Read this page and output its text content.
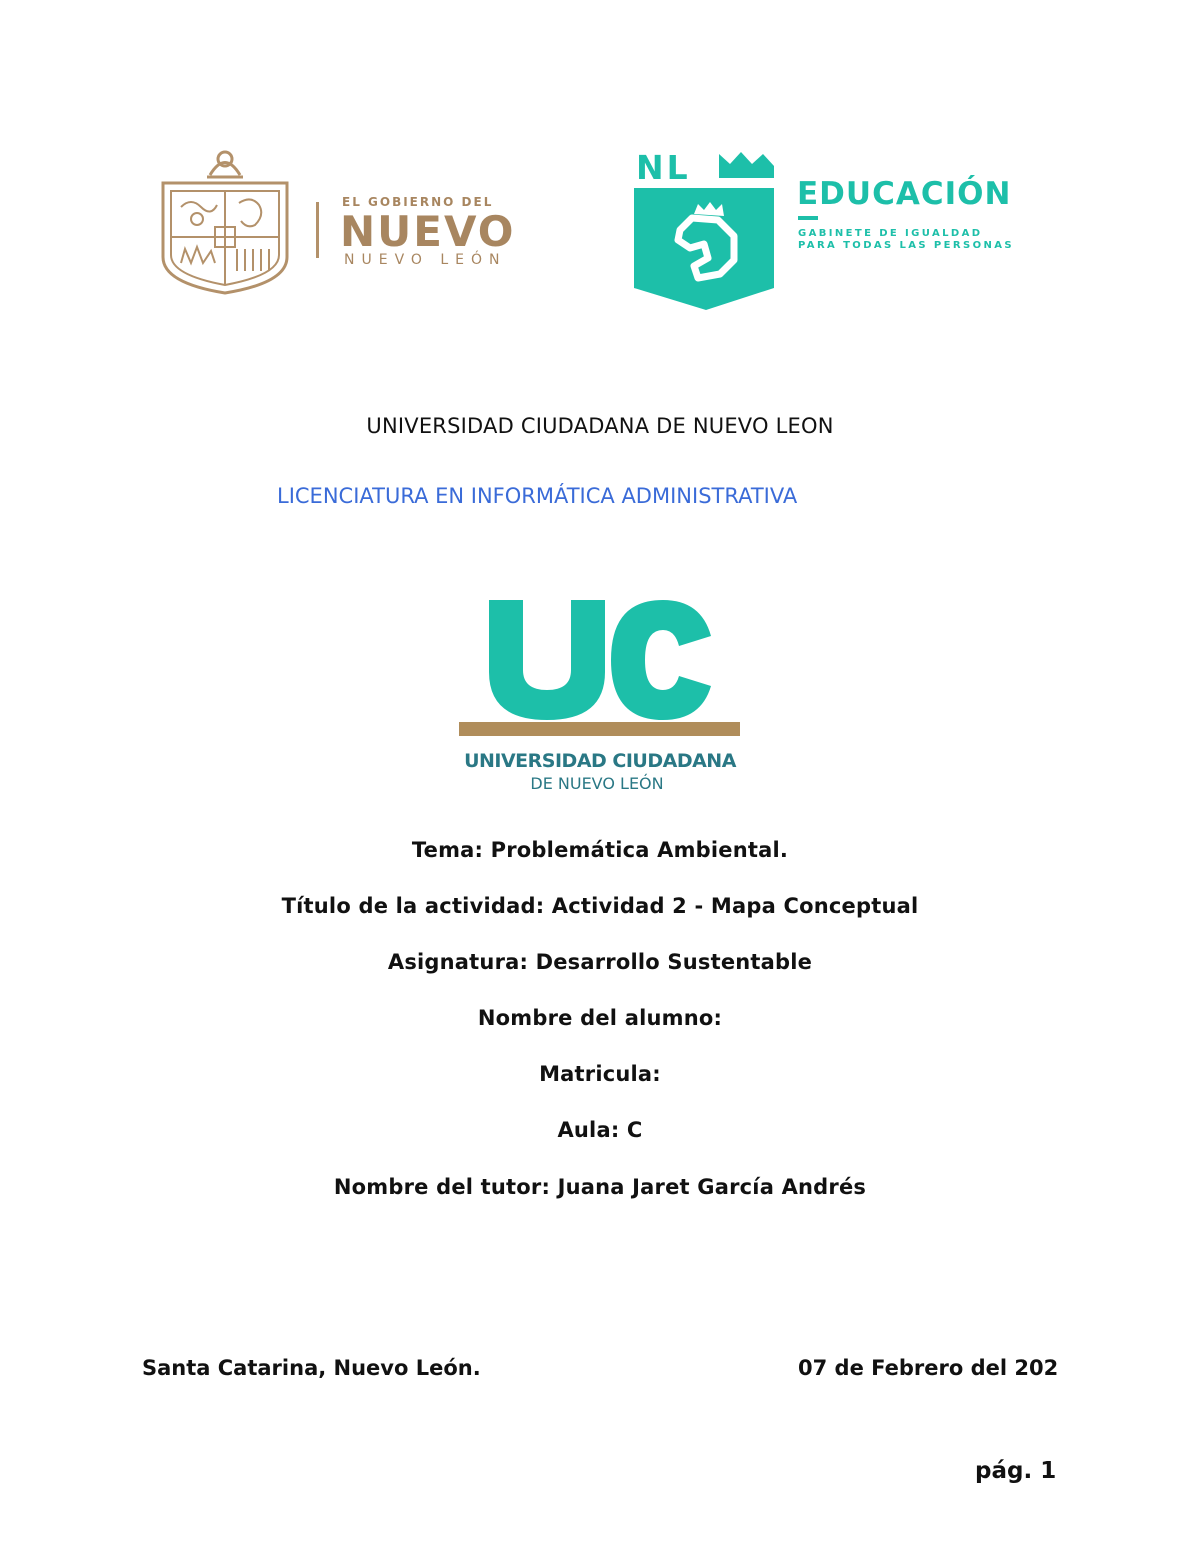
EL GOBIERNO DEL
NUEVO
NUEVO LEÓN
NL
EDUCACIÓN
GABINETE DE IGUALDAD
PARA TODAS LAS PERSONAS
UNIVERSIDAD CIUDADANA DE NUEVO LEON
LICENCIATURA EN INFORMÁTICA ADMINISTRATIVA
UNIVERSIDAD CIUDADANA
DE NUEVO LEÓN
Tema: Problemática Ambiental.
Título de la actividad: Actividad 2 - Mapa Conceptual
Asignatura: Desarrollo Sustentable
Nombre del alumno:
Matricula:
Aula: C
Nombre del tutor: Juana Jaret García Andrés
Santa Catarina, Nuevo León.	07 de Febrero del 202
pág. 1
